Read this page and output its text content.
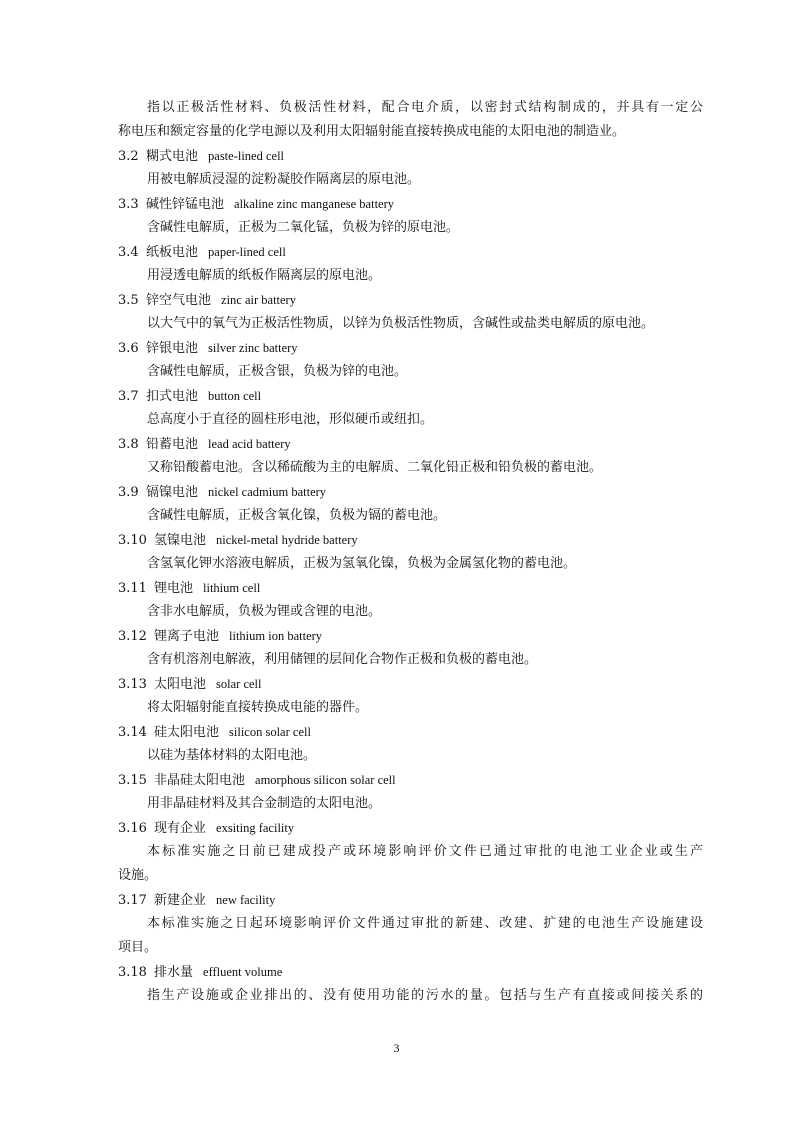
指以正极活性材料、负极活性材料，配合电介质，以密封式结构制成的，并具有一定公
称电压和额定容量的化学电源以及利用太阳辐射能直接转换成电能的太阳电池的制造业。
3.2 糊式电池 paste-lined cell
用被电解质浸湿的淀粉凝胶作隔离层的原电池。
3.3 碱性锌锰电池 alkaline zinc manganese battery
含碱性电解质，正极为二氧化锰，负极为锌的原电池。
3.4 纸板电池 paper-lined cell
用浸透电解质的纸板作隔离层的原电池。
3.5 锌空气电池 zinc air battery
以大气中的氧气为正极活性物质，以锌为负极活性物质，含碱性或盐类电解质的原电池。
3.6 锌银电池 silver zinc battery
含碱性电解质，正极含银，负极为锌的电池。
3.7 扣式电池 button cell
总高度小于直径的圆柱形电池，形似硬币或纽扣。
3.8 铅蓄电池 lead acid battery
又称铅酸蓄电池。含以稀硫酸为主的电解质、二氧化铅正极和铅负极的蓄电池。
3.9 镉镍电池 nickel cadmium battery
含碱性电解质，正极含氧化镍，负极为镉的蓄电池。
3.10 氢镍电池 nickel-metal hydride battery
含氢氧化钾水溶液电解质，正极为氢氧化镍，负极为金属氢化物的蓄电池。
3.11 锂电池 lithium cell
含非水电解质，负极为锂或含锂的电池。
3.12 锂离子电池 lithium ion battery
含有机溶剂电解液，利用储锂的层间化合物作正极和负极的蓄电池。
3.13 太阳电池 solar cell
将太阳辐射能直接转换成电能的器件。
3.14 硅太阳电池 silicon solar cell
以硅为基体材料的太阳电池。
3.15 非晶硅太阳电池 amorphous silicon solar cell
用非晶硅材料及其合金制造的太阳电池。
3.16 现有企业 exsiting facility
本标准实施之日前已建成投产或环境影响评价文件已通过审批的电池工业企业或生产
设施。
3.17 新建企业 new facility
本标准实施之日起环境影响评价文件通过审批的新建、改建、扩建的电池生产设施建设
项目。
3.18 排水量 effluent volume
指生产设施或企业排出的、没有使用功能的污水的量。包括与生产有直接或间接关系的
3
